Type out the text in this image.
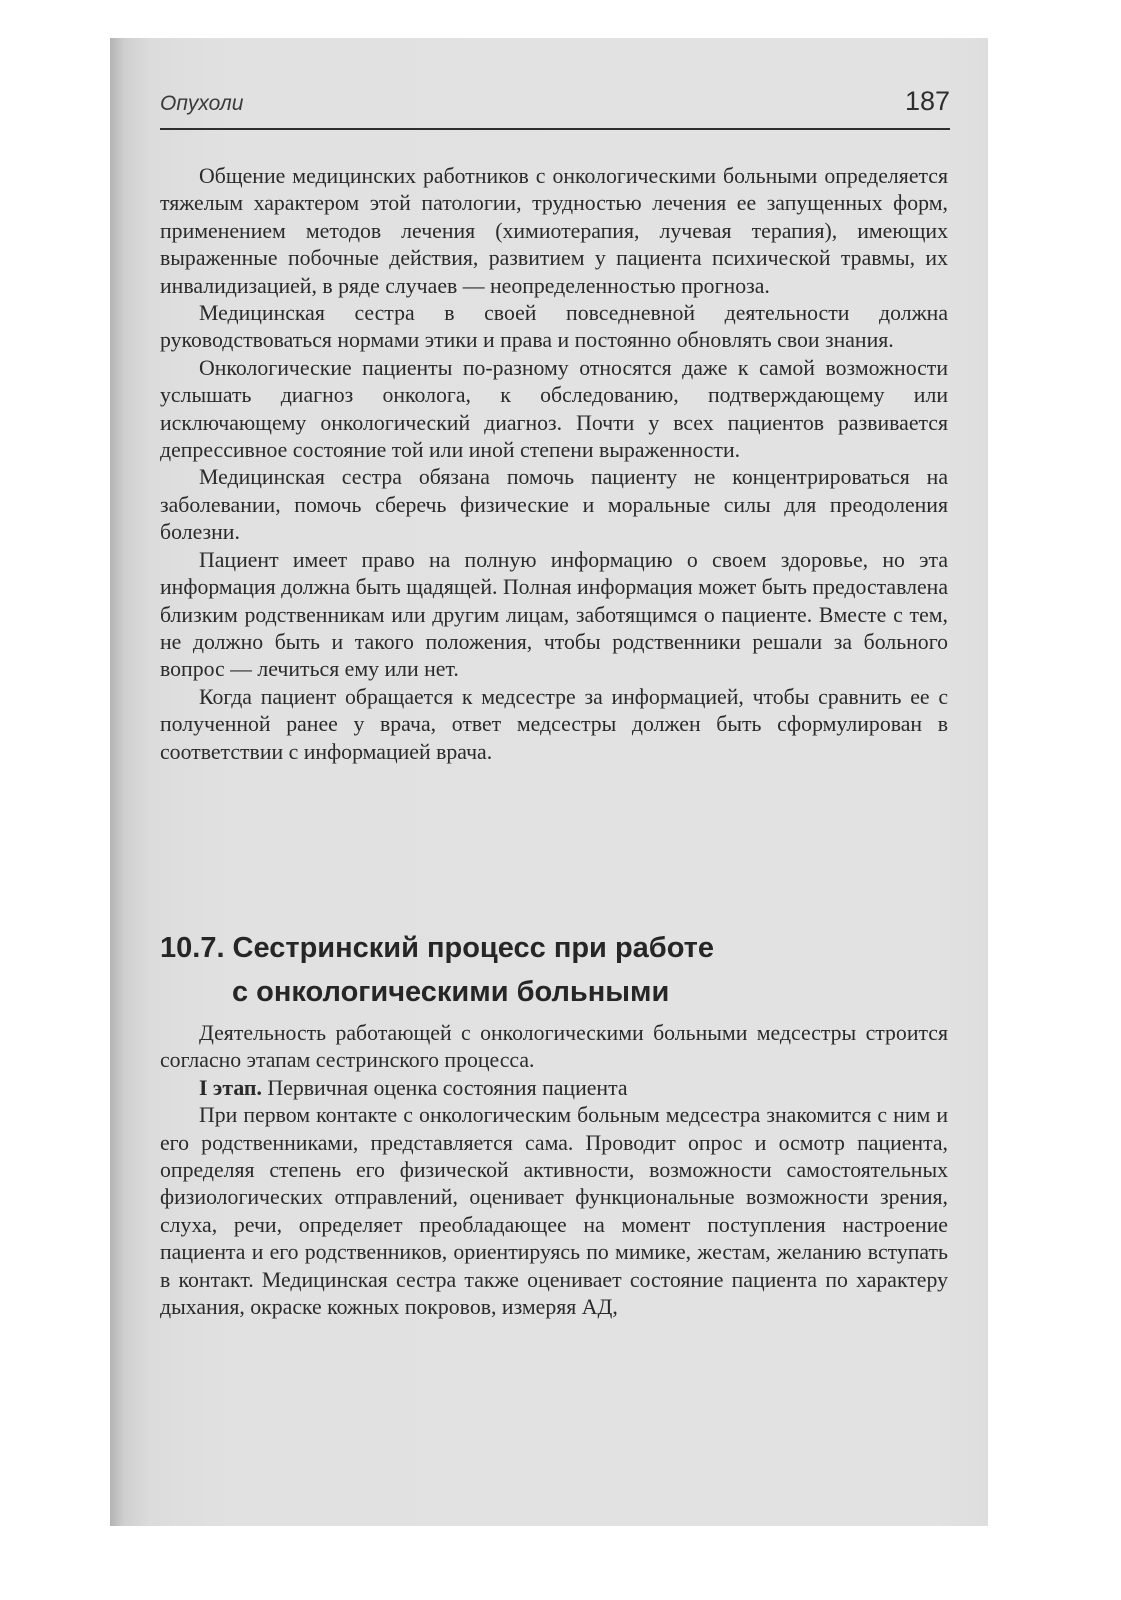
Опухоли	187

Общение медицинских работников с онкологическими больными определяется тяжелым характером этой патологии, трудностью лечения ее запущенных форм, применением методов лечения (химиотерапия, лучевая терапия), имеющих выраженные побочные действия, развитием у пациента психической травмы, их инвалидизацией, в ряде случаев — неопределенностью прогноза.

Медицинская сестра в своей повседневной деятельности должна руководствоваться нормами этики и права и постоянно обновлять свои знания.

Онкологические пациенты по-разному относятся даже к самой возможности услышать диагноз онколога, к обследованию, подтверждающему или исключающему онкологический диагноз. Почти у всех пациентов развивается депрессивное состояние той или иной степени выраженности.

Медицинская сестра обязана помочь пациенту не концентрироваться на заболевании, помочь сберечь физические и моральные силы для преодоления болезни.

Пациент имеет право на полную информацию о своем здоровье, но эта информация должна быть щадящей. Полная информация может быть предоставлена близким родственникам или другим лицам, заботящимся о пациенте. Вместе с тем, не должно быть и такого положения, чтобы родственники решали за больного вопрос — лечиться ему или нет.

Когда пациент обращается к медсестре за информацией, чтобы сравнить ее с полученной ранее у врача, ответ медсестры должен быть сформулирован в соответствии с информацией врача.

10.7. Сестринский процесс при работе
с онкологическими больными

Деятельность работающей с онкологическими больными медсестры строится согласно этапам сестринского процесса.

I этап. Первичная оценка состояния пациента

При первом контакте с онкологическим больным медсестра знакомится с ним и его родственниками, представляется сама. Проводит опрос и осмотр пациента, определяя степень его физической активности, возможности самостоятельных физиологических отправлений, оценивает функциональные возможности зрения, слуха, речи, определяет преобладающее на момент поступления настроение пациента и его родственников, ориентируясь по мимике, жестам, желанию вступать в контакт. Медицинская сестра также оценивает состояние пациента по характеру дыхания, окраске кожных покровов, измеряя АД,
